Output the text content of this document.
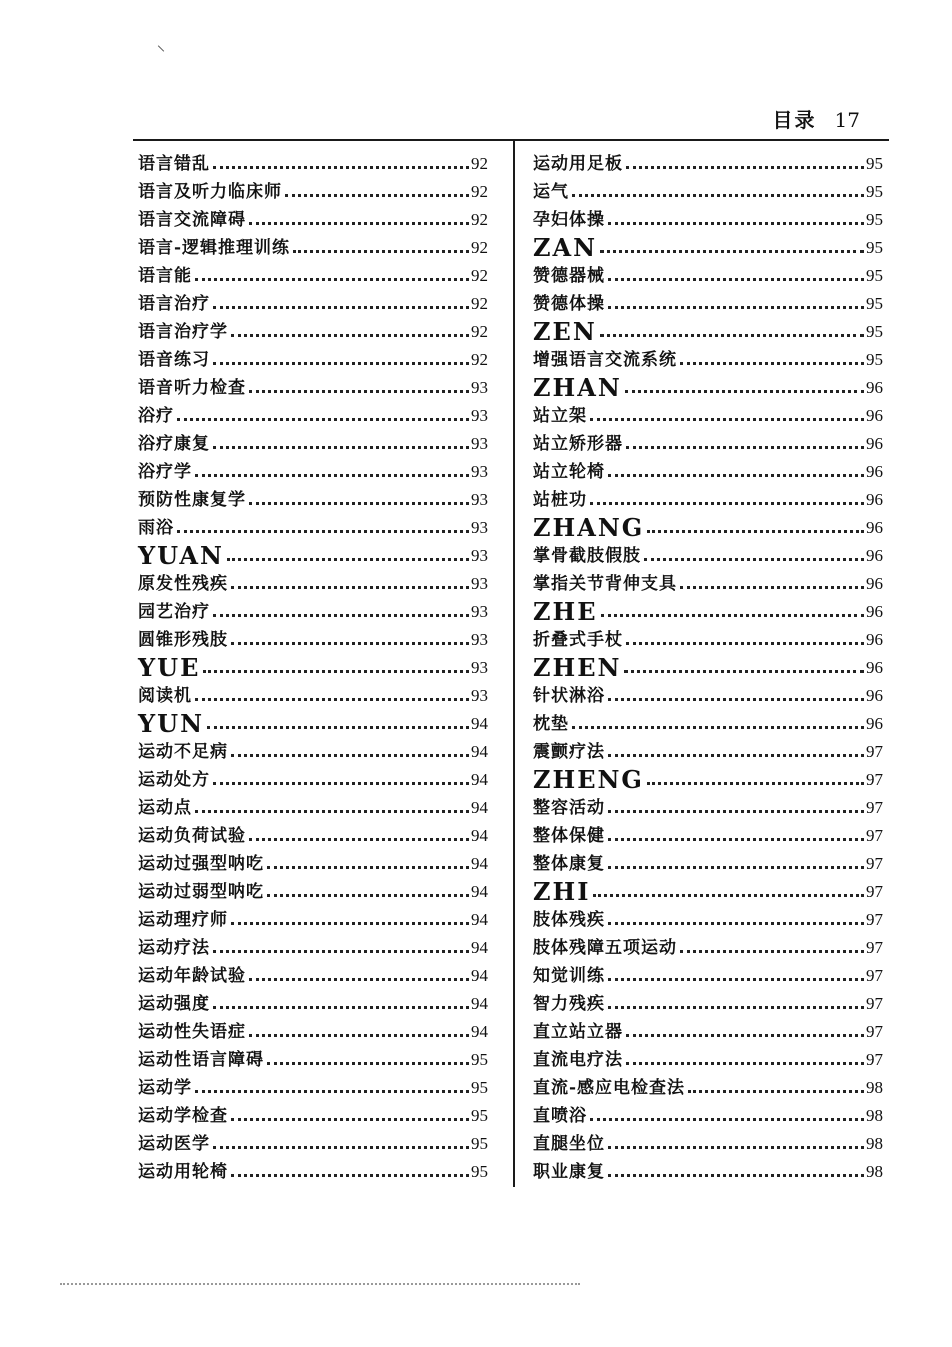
目录 17
语言错乱	92
语言及听力临床师	92
语言交流障碍	92
语言-逻辑推理训练	92
语言能	92
语言治疗	92
语言治疗学	92
语音练习	92
语音听力检查	93
浴疗	93
浴疗康复	93
浴疗学	93
预防性康复学	93
雨浴	93
YUAN	93
原发性残疾	93
园艺治疗	93
圆锥形残肢	93
YUE	93
阅读机	93
YUN	94
运动不足病	94
运动处方	94
运动点	94
运动负荷试验	94
运动过强型呐吃	94
运动过弱型呐吃	94
运动理疗师	94
运动疗法	94
运动年龄试验	94
运动强度	94
运动性失语症	94
运动性语言障碍	95
运动学	95
运动学检查	95
运动医学	95
运动用轮椅	95
运动用足板	95
运气	95
孕妇体操	95
ZAN	95
赞德器械	95
赞德体操	95
ZEN	95
增强语言交流系统	95
ZHAN	96
站立架	96
站立矫形器	96
站立轮椅	96
站桩功	96
ZHANG	96
掌骨截肢假肢	96
掌指关节背伸支具	96
ZHE	96
折叠式手杖	96
ZHEN	96
针状淋浴	96
枕垫	96
震颤疗法	97
ZHENG	97
整容活动	97
整体保健	97
整体康复	97
ZHI	97
肢体残疾	97
肢体残障五项运动	97
知觉训练	97
智力残疾	97
直立站立器	97
直流电疗法	97
直流-感应电检查法	98
直喷浴	98
直腿坐位	98
职业康复	98
